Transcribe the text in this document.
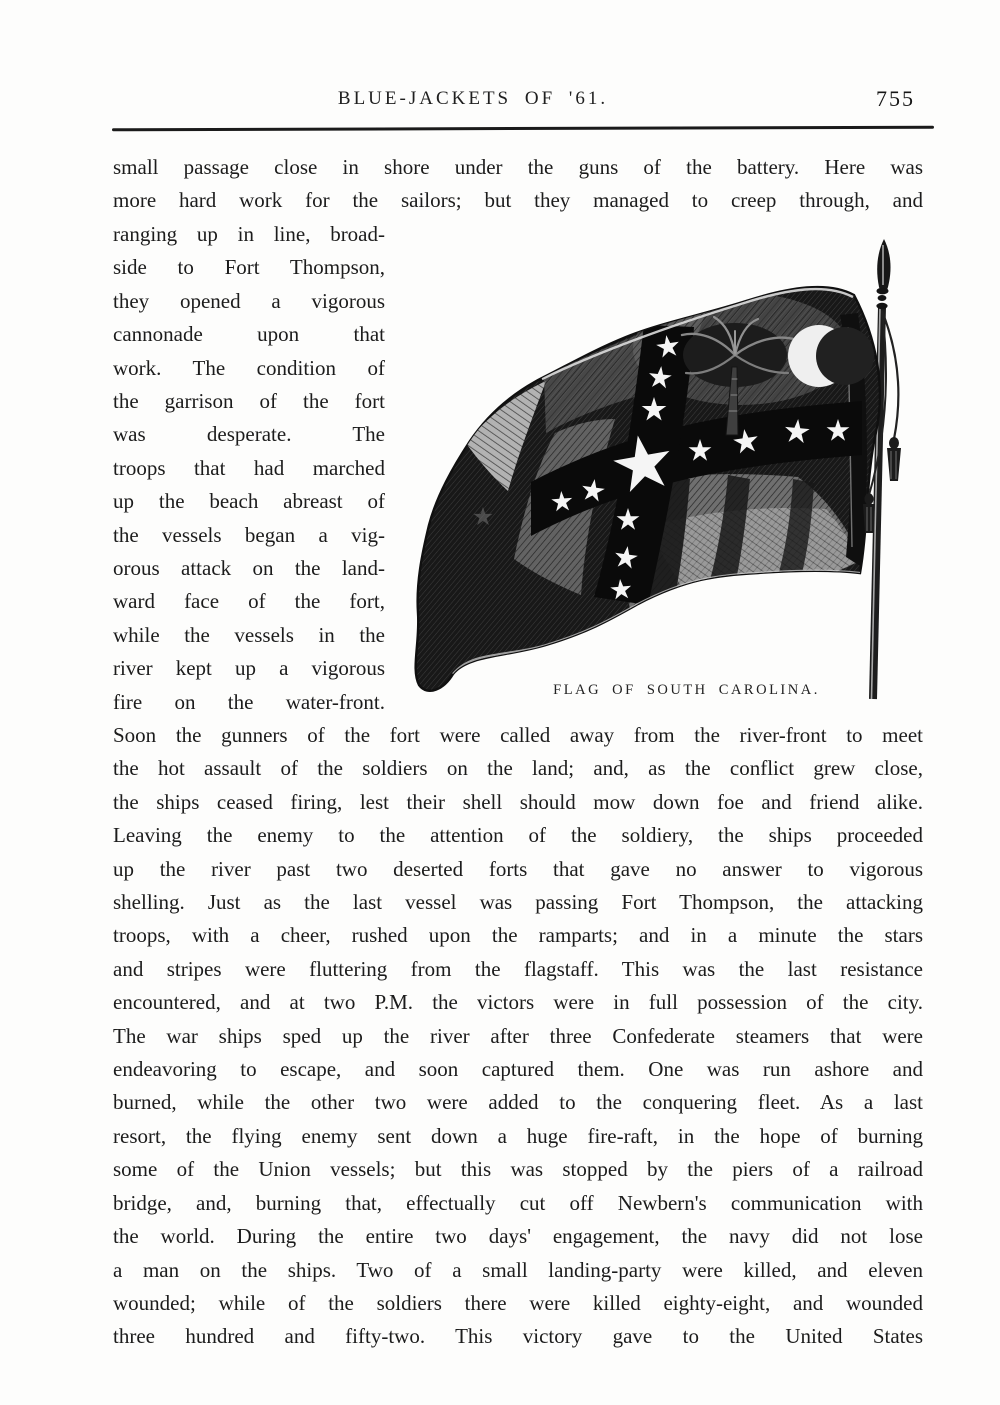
BLUE-JACKETS OF '61.	755
small passage close in shore under the guns of the battery. Here was
more hard work for the sailors; but they managed to creep through, and
ranging up in line, broad-
side to Fort Thompson,
they opened a vigorous
cannonade upon that
work. The condition of
the garrison of the fort
was desperate. The
troops that had marched
up the beach abreast of
the vessels began a vig-
orous attack on the land-
ward face of the fort,
while the vessels in the
river kept up a vigorous
fire on the water-front.	FLAG OF SOUTH CAROLINA.
Soon the gunners of the fort were called away from the river-front to meet
the hot assault of the soldiers on the land; and, as the conflict grew close,
the ships ceased firing, lest their shell should mow down foe and friend alike.
Leaving the enemy to the attention of the soldiery, the ships proceeded
up the river past two deserted forts that gave no answer to vigorous
shelling. Just as the last vessel was passing Fort Thompson, the attacking
troops, with a cheer, rushed upon the ramparts; and in a minute the stars
and stripes were fluttering from the flagstaff. This was the last resistance
encountered, and at two P.M. the victors were in full possession of the city.
The war ships sped up the river after three Confederate steamers that were
endeavoring to escape, and soon captured them. One was run ashore and
burned, while the other two were added to the conquering fleet. As a last
resort, the flying enemy sent down a huge fire-raft, in the hope of burning
some of the Union vessels; but this was stopped by the piers of a railroad
bridge, and, burning that, effectually cut off Newbern's communication with
the world. During the entire two days' engagement, the navy did not lose
a man on the ships. Two of a small landing-party were killed, and eleven
wounded; while of the soldiers there were killed eighty-eight, and wounded
three hundred and fifty-two. This victory gave to the United States
